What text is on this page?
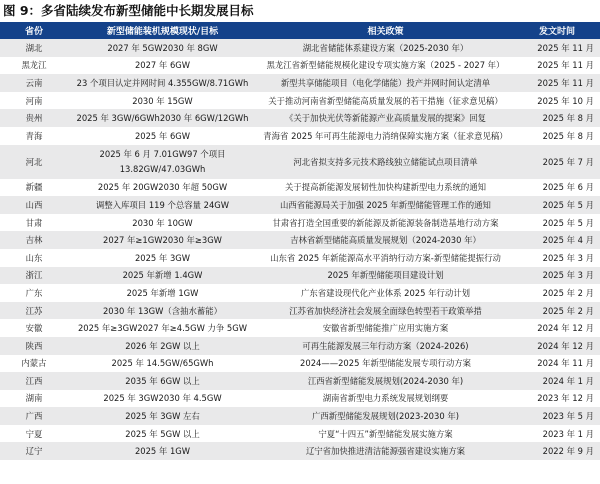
图 9：多省陆续发布新型储能中长期发展目标
省份	新型储能装机规模现状/目标	相关政策	发文时间
湖北	2027 年 5GW2030 年 8GW	湖北省储能体系建设方案（2025-2030 年）	2025 年 11 月
黑龙江	2027 年 6GW	黑龙江省新型储能规模化建设专项实施方案（2025 - 2027 年）	2025 年 11 月
云南	23 个项目认定并网时间 4.355GW/8.71GWh	新型共享储能项目（电化学储能）投产并网时间认定清单	2025 年 11 月
河南	2030 年 15GW	关于推动河南省新型储能高质量发展的若干措施（征求意见稿）	2025 年 10 月
贵州	2025 年 3GW/6GWh2030 年 6GW/12GWh	《关于加快光伏等新能源产业高质量发展的提案》回复	2025 年 8 月
青海	2025 年 6GW	青海省 2025 年可再生能源电力消纳保障实施方案（征求意见稿）	2025 年 8 月
河北	2025 年 6 月 7.01GW97 个项目 13.82GW/47.03GWh	河北省拟支持多元技术路线独立储能试点项目清单	2025 年 7 月
新疆	2025 年 20GW2030 年超 50GW	关于提高新能源发展韧性加快构建新型电力系统的通知	2025 年 6 月
山西	调整入库项目 119 个总容量 24GW	山西省能源局关于加强 2025 年新型储能管理工作的通知	2025 年 5 月
甘肃	2030 年 10GW	甘肃省打造全国重要的新能源及新能源装备制造基地行动方案	2025 年 5 月
吉林	2027 年≥1GW2030 年≥3GW	吉林省新型储能高质量发展规划（2024-2030 年）	2025 年 4 月
山东	2025 年 3GW	山东省 2025 年新能源高水平消纳行动方案-新型储能提振行动	2025 年 3 月
浙江	2025 年新增 1.4GW	2025 年新型储能项目建设计划	2025 年 3 月
广东	2025 年新增 1GW	广东省建设现代化产业体系 2025 年行动计划	2025 年 2 月
江苏	2030 年 13GW（含抽水蓄能）	江苏省加快经济社会发展全面绿色转型若干政策举措	2025 年 2 月
安徽	2025 年≥3GW2027 年≥4.5GW 力争 5GW	安徽省新型储能推广应用实施方案	2024 年 12 月
陕西	2026 年 2GW 以上	可再生能源发展三年行动方案（2024-2026)	2024 年 12 月
内蒙古	2025 年 14.5GW/65GWh	2024——2025 年新型储能发展专项行动方案	2024 年 11 月
江西	2035 年 6GW 以上	江西省新型储能发展规划(2024-2030 年)	2024 年 1 月
湖南	2025 年 3GW2030 年 4.5GW	湖南省新型电力系统发展规划纲要	2023 年 12 月
广西	2025 年 3GW 左右	广西新型储能发展规划(2023-2030 年)	2023 年 5 月
宁夏	2025 年 5GW 以上	宁夏“十四五”新型储能发展实施方案	2023 年 1 月
辽宁	2025 年 1GW	辽宁省加快推进清洁能源强省建设实施方案	2022 年 9 月
